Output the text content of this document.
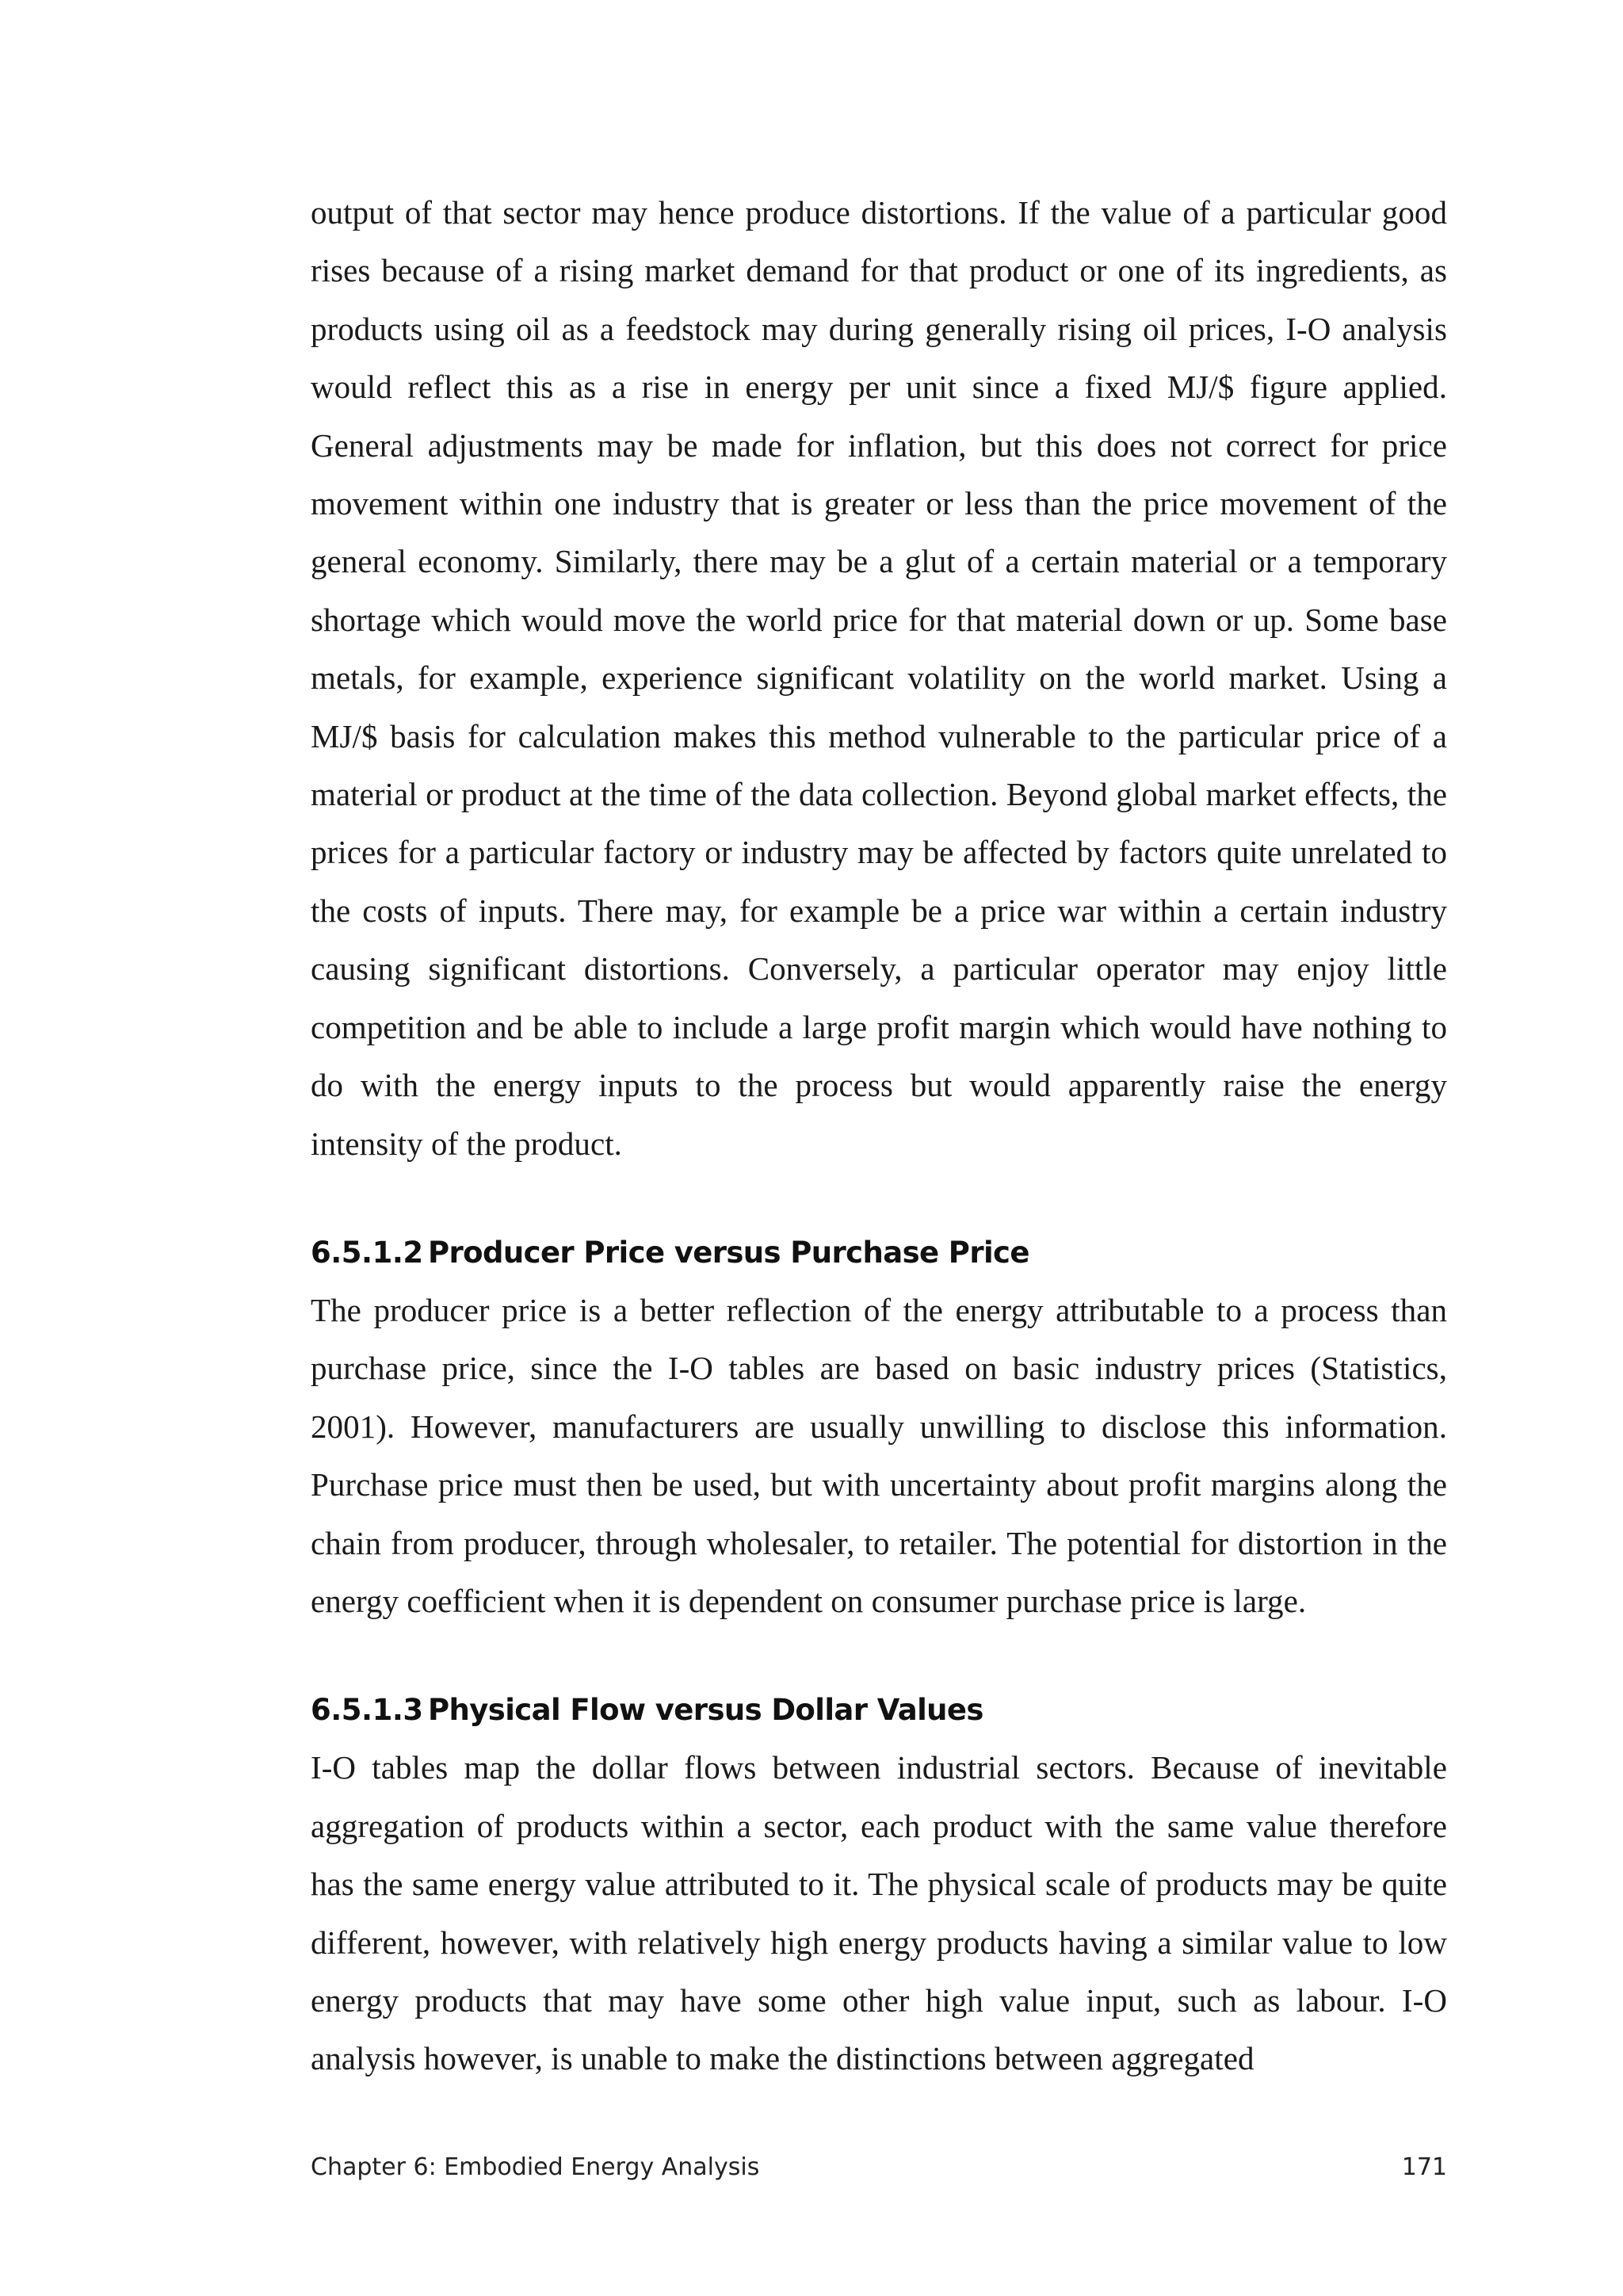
output of that sector may hence produce distortions. If the value of a particular good rises because of a rising market demand for that product or one of its ingredients, as products using oil as a feedstock may during generally rising oil prices, I-O analysis would reflect this as a rise in energy per unit since a fixed MJ/$ figure applied. General adjustments may be made for inflation, but this does not correct for price movement within one industry that is greater or less than the price movement of the general economy. Similarly, there may be a glut of a certain material or a temporary shortage which would move the world price for that material down or up. Some base metals, for example, experience significant volatility on the world market. Using a MJ/$ basis for calculation makes this method vulnerable to the particular price of a material or product at the time of the data collection. Beyond global market effects, the prices for a particular factory or industry may be affected by factors quite unrelated to the costs of inputs. There may, for example be a price war within a certain industry causing significant distortions. Conversely, a particular operator may enjoy little competition and be able to include a large profit margin which would have nothing to do with the energy inputs to the process but would apparently raise the energy intensity of the product.

6.5.1.2 Producer Price versus Purchase Price

The producer price is a better reflection of the energy attributable to a process than purchase price, since the I-O tables are based on basic industry prices (Statistics, 2001). However, manufacturers are usually unwilling to disclose this information. Purchase price must then be used, but with uncertainty about profit margins along the chain from producer, through wholesaler, to retailer. The potential for distortion in the energy coefficient when it is dependent on consumer purchase price is large.

6.5.1.3 Physical Flow versus Dollar Values

I-O tables map the dollar flows between industrial sectors. Because of inevitable aggregation of products within a sector, each product with the same value therefore has the same energy value attributed to it. The physical scale of products may be quite different, however, with relatively high energy products having a similar value to low energy products that may have some other high value input, such as labour. I-O analysis however, is unable to make the distinctions between aggregated

Chapter 6: Embodied Energy Analysis	171
